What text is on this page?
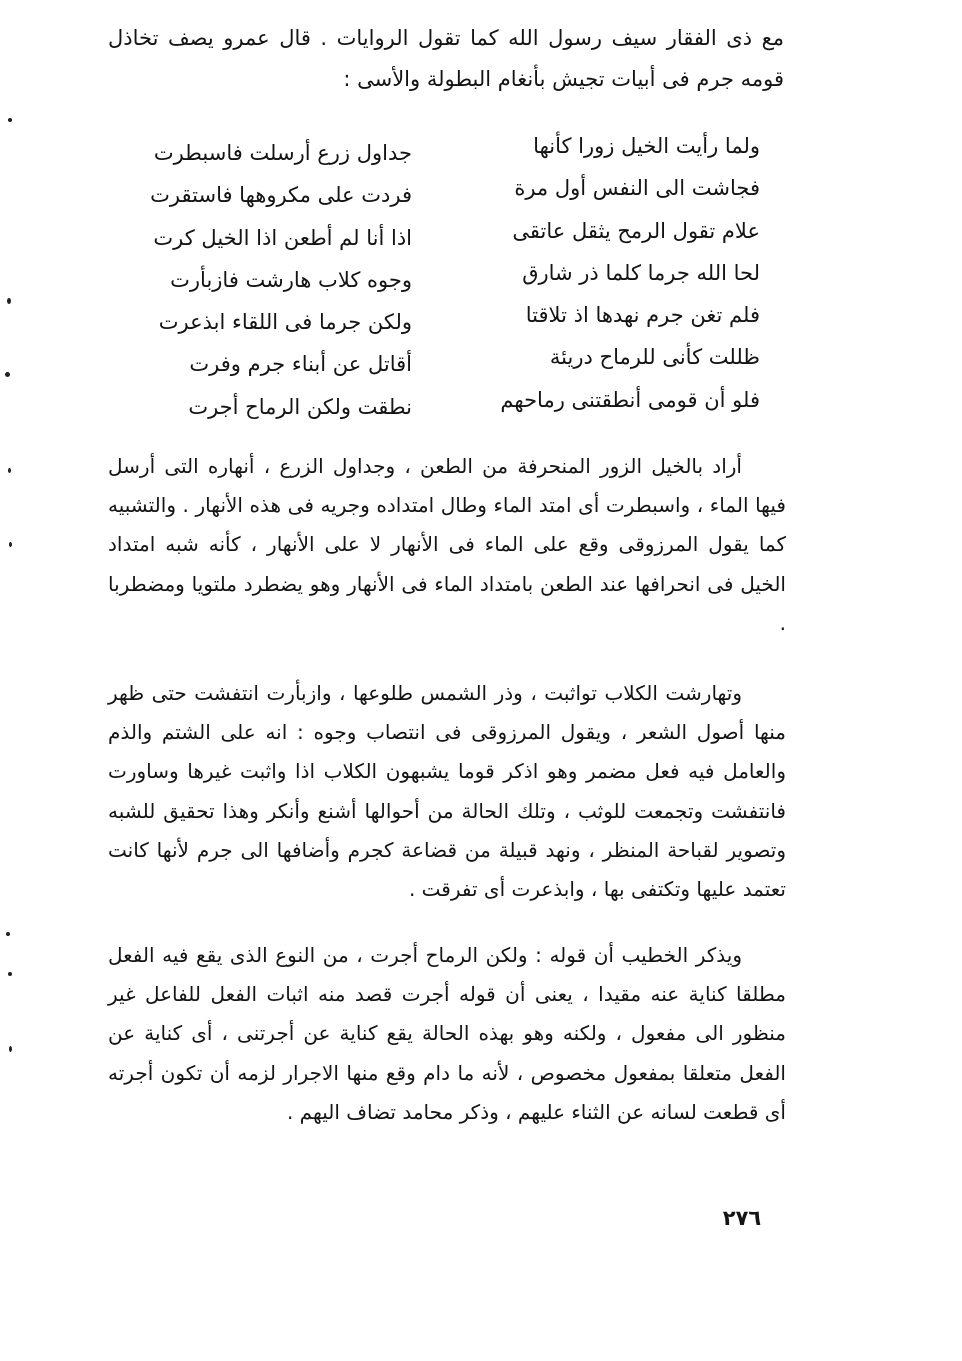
مع ذى الفقار سيف رسول الله كما تقول الروايات . قال عمرو يصف تخاذل قومه جرم فى أبيات تجيش بأنغام البطولة والأسى :
ولما رأيت الخيل زورا كأنها
فجاشت الى النفس أول مرة
علام تقول الرمح يثقل عاتقى
لحا الله جرما كلما ذر شارق
فلم تغن جرم نهدها اذ تلاقتا
ظللت كأنى للرماح دريئة
فلو أن قومى أنطقتنى رماحهم
جداول زرع أرسلت فاسبطرت
فردت على مكروهها فاستقرت
اذا أنا لم أطعن اذا الخيل كرت
وجوه كلاب هارشت فازبأرت
ولكن جرما فى اللقاء ابذعرت
أقاتل عن أبناء جرم وفرت
نطقت ولكن الرماح أجرت

أراد بالخيل الزور المنحرفة من الطعن ، وجداول الزرع ، أنهاره التى أرسل فيها الماء ، واسبطرت أى امتد الماء وطال امتداده وجريه فى هذه الأنهار . والتشبيه كما يقول المرزوقى وقع على الماء فى الأنهار لا على الأنهار ، كأنه شبه امتداد الخيل فى انحرافها عند الطعن بامتداد الماء فى الأنهار وهو يضطرد ملتويا ومضطربا .

وتهارشت الكلاب تواثبت ، وذر الشمس طلوعها ، وازبأرت انتفشت حتى ظهر منها أصول الشعر ، ويقول المرزوقى فى انتصاب وجوه : انه على الشتم والذم والعامل فيه فعل مضمر وهو اذكر قوما يشبهون الكلاب اذا واثبت غيرها وساورت فانتفشت وتجمعت للوثب ، وتلك الحالة من أحوالها أشنع وأنكر وهذا تحقيق للشبه وتصوير لقباحة المنظر ، ونهد قبيلة من قضاعة كجرم وأضافها الى جرم لأنها كانت تعتمد عليها وتكتفى بها ، وابذعرت أى تفرقت .

ويذكر الخطيب أن قوله : ولكن الرماح أجرت ، من النوع الذى يقع فيه الفعل مطلقا كناية عنه مقيدا ، يعنى أن قوله أجرت قصد منه اثبات الفعل للفاعل غير منظور الى مفعول ، ولكنه وهو بهذه الحالة يقع كناية عن أجرتنى ، أى كناية عن الفعل متعلقا بمفعول مخصوص ، لأنه ما دام وقع منها الاجرار لزمه أن تكون أجرته أى قطعت لسانه عن الثناء عليهم ، وذكر محامد تضاف اليهم .

٢٧٦
